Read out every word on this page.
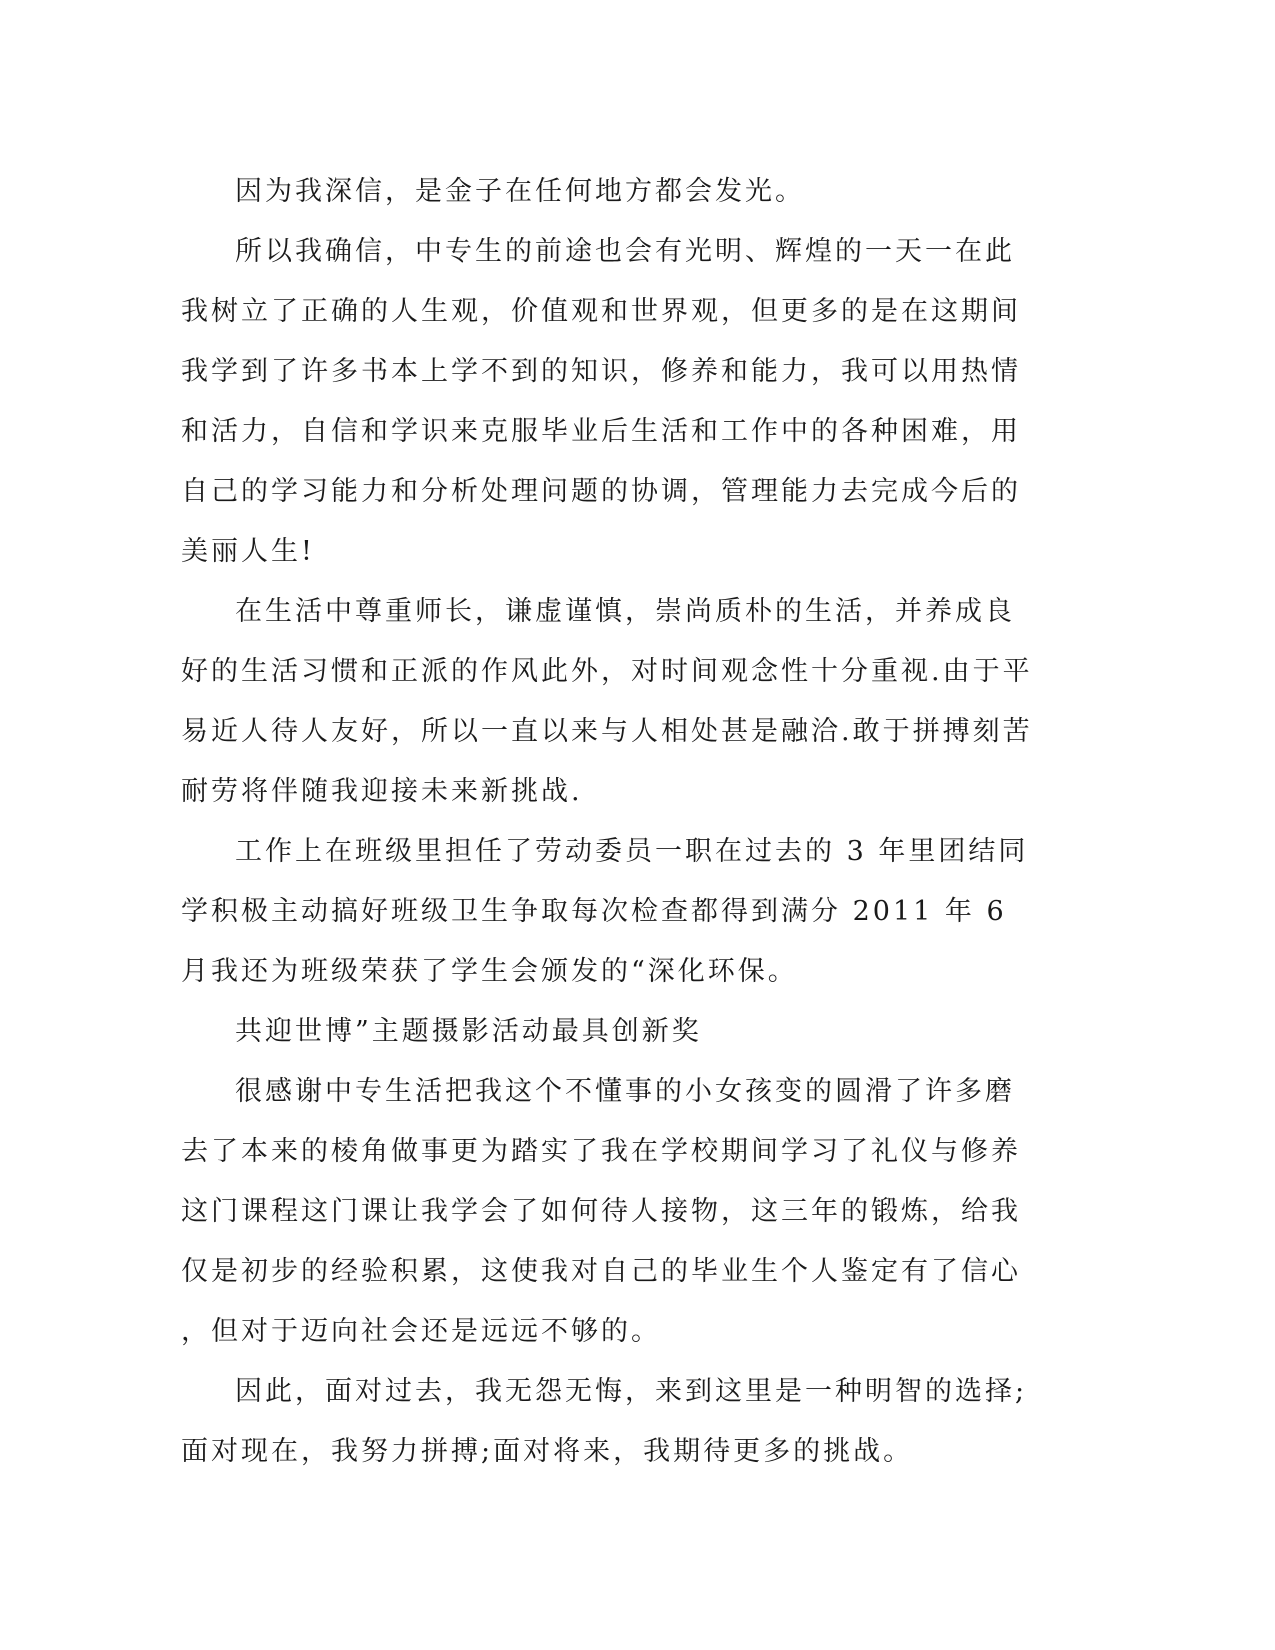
因为我深信，是金子在任何地方都会发光。

所以我确信，中专生的前途也会有光明、辉煌的一天一在此我树立了正确的人生观，价值观和世界观，但更多的是在这期间我学到了许多书本上学不到的知识，修养和能力，我可以用热情和活力，自信和学识来克服毕业后生活和工作中的各种困难，用自己的学习能力和分析处理问题的协调，管理能力去完成今后的美丽人生!

在生活中尊重师长，谦虚谨慎，崇尚质朴的生活，并养成良好的生活习惯和正派的作风此外，对时间观念性十分重视.由于平易近人待人友好，所以一直以来与人相处甚是融洽.敢于拼搏刻苦耐劳将伴随我迎接未来新挑战.

工作上在班级里担任了劳动委员一职在过去的 3 年里团结同学积极主动搞好班级卫生争取每次检查都得到满分 2011 年 6 月我还为班级荣获了学生会颁发的“深化环保。

共迎世博”主题摄影活动最具创新奖

很感谢中专生活把我这个不懂事的小女孩变的圆滑了许多磨去了本来的棱角做事更为踏实了我在学校期间学习了礼仪与修养这门课程这门课让我学会了如何待人接物，这三年的锻炼，给我仅是初步的经验积累，这使我对自己的毕业生个人鉴定有了信心，但对于迈向社会还是远远不够的。

因此，面对过去，我无怨无悔，来到这里是一种明智的选择;面对现在，我努力拼搏;面对将来，我期待更多的挑战。
